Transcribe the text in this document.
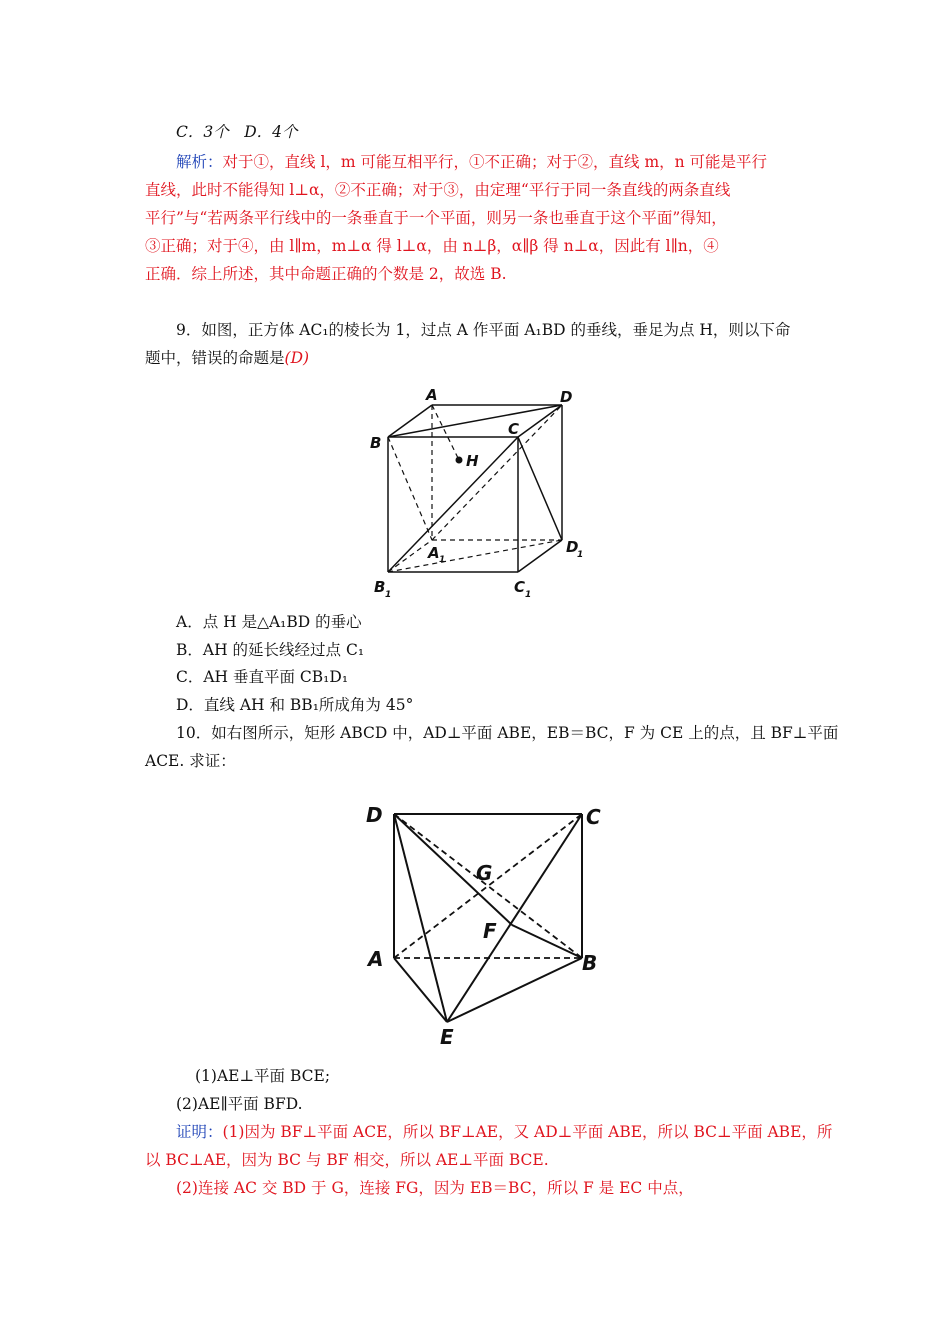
C．3个　D．4个
解析：对于①，直线 l，m 可能互相平行，①不正确；对于②，直线 m，n 可能是平行
直线，此时不能得知 l⊥α，②不正确；对于③，由定理“平行于同一条直线的两条直线
平行”与“若两条平行线中的一条垂直于一个平面，则另一条也垂直于这个平面”得知，
③正确；对于④，由 l∥m，m⊥α 得 l⊥α，由 n⊥β，α∥β 得 n⊥α，因此有 l∥n，④
正确．综上所述，其中命题正确的个数是 2，故选 B.
9．如图，正方体 AC₁的棱长为 1，过点 A 作平面 A₁BD 的垂线，垂足为点 H，则以下命
题中，错误的命题是(D)
A	D
B
C
H
A 1
D
1
B 1	C 1
A．点 H 是△A₁BD 的垂心
B．AH 的延长线经过点 C₁
C．AH 垂直平面 CB₁D₁
D．直线 AH 和 BB₁所成角为 45°
10．如右图所示，矩形 ABCD 中，AD⊥平面 ABE，EB＝BC，F 为 CE 上的点，且 BF⊥平面
ACE. 求证：
D	C
G
F
A	B
E
(1)AE⊥平面 BCE;
(2)AE∥平面 BFD.
证明：(1)因为 BF⊥平面 ACE，所以 BF⊥AE，又 AD⊥平面 ABE，所以 BC⊥平面 ABE，所
以 BC⊥AE，因为 BC 与 BF 相交，所以 AE⊥平面 BCE.
(2)连接 AC 交 BD 于 G，连接 FG，因为 EB＝BC，所以 F 是 EC 中点，
